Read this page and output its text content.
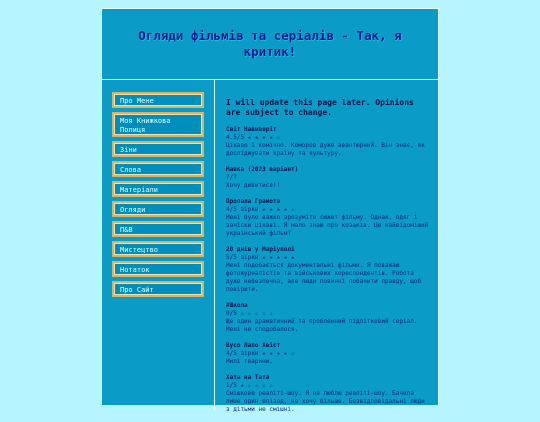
Огляди фільмів та серіалів - Так, я критик!
Про Мене
Моя Книжкова Полиця
Зіни
Слова
Матеріали
Огляди
П&В
Мистецтво
Нотаток
Про Сайт

I will update this page later. Opinions are subject to change.

Світ Навиворіт
4.5/5 ★ ★ ★ ★ ☆
Цікаво і комічно. Комоpов дуже авантюрний. Він знає, як досліджувати країну та культуру.
Мавка (2023 варіант)
?/?
Хочу дивитися!!
Пропала Грамота
4/5 зірки ★ ★ ★ ★ ☆
Мені було важко зрозуміти сюжет фільму. Однак, одяг і зачіски цікаві. Я мало знаю про козаків. Це найвідоміший український фільм?
20 днів у Маріуполі
5/5 зірки ★ ★ ★ ★ ★
Мені подобається документальні фільми. Я поважаю фотожурналістів та військових кореспондентів. Робота дуже небезпечна, але люди повинні побачити правду, щоб повірити.
#Школа
0/5 ☆ ☆ ☆ ☆ ☆
Ще один драматичний та проблемний підлітковий серіал. Мені не сподобалося.
Вусо Лапо Хвіст
4/5 зірки ★ ★ ★ ★ ☆
Милі тварини.
Хата на Тата
1/5 ★ ☆ ☆ ☆ ☆
Смішкове реаліті-шоу. Я не люблю реаліті-шоу. Бачила лише один епізод, не хочу більше. Безвідповідальні люди з дітьми не смішні.
